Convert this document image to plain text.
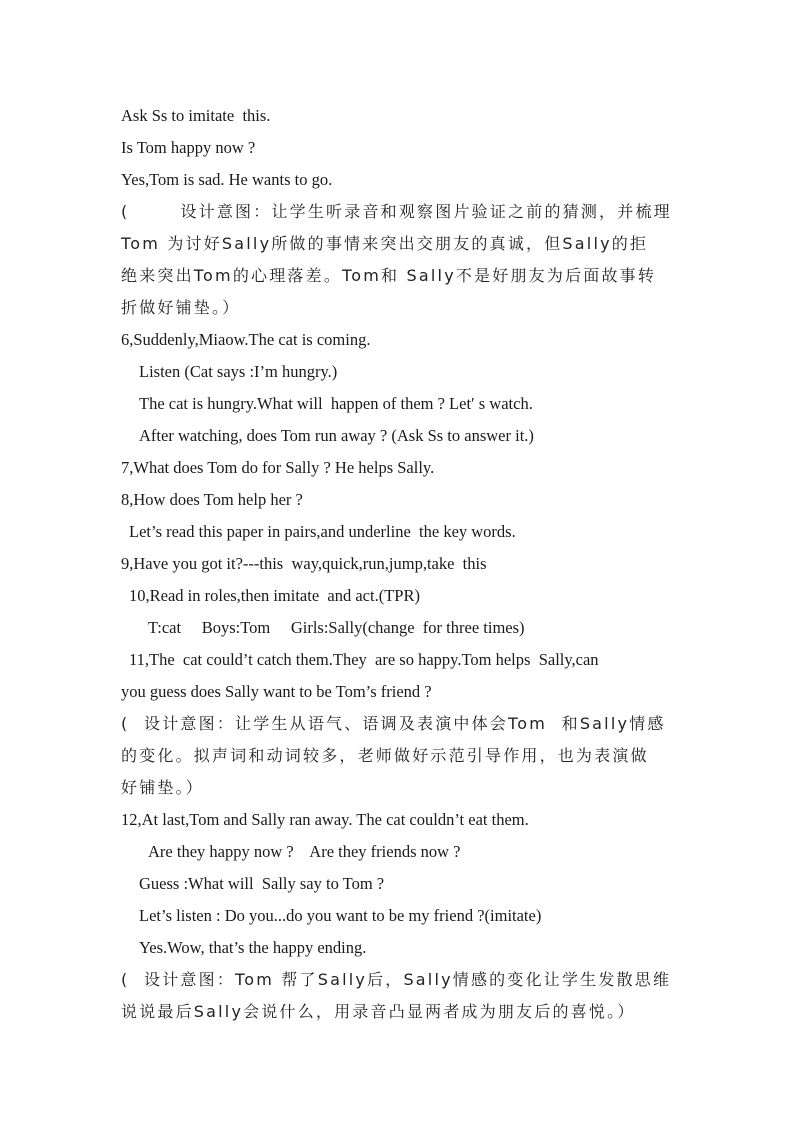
Ask Ss to imitate  this.
Is Tom happy now ?
Yes,Tom is sad. He wants to go.
(       设计意图：让学生听录音和观察图片验证之前的猜测，并梳理
Tom 为讨好Sally所做的事情来突出交朋友的真诚，但Sally的拒
绝来突出Tom的心理落差。Tom和 Sally不是好朋友为后面故事转
折做好铺垫。）
6,Suddenly,Miaow.The cat is coming.
Listen (Cat says :I’m hungry.)
The cat is hungry.What will  happen of them ? Let′ s watch.
After watching, does Tom run away ? (Ask Ss to answer it.)
7,What does Tom do for Sally ? He helps Sally.
8,How does Tom help her ?
Let’s read this paper in pairs,and underline  the key words.
9,Have you got it?---this  way,quick,run,jump,take  this
10,Read in roles,then imitate  and act.(TPR)
T:cat     Boys:Tom     Girls:Sally(change  for three times)
11,The  cat could’t catch them.They  are so happy.Tom helps  Sally,can
you guess does Sally want to be Tom’s friend ?
(  设计意图：让学生从语气、语调及表演中体会Tom  和Sally情感
的变化。拟声词和动词较多，老师做好示范引导作用，也为表演做
好铺垫。）
12,At last,Tom and Sally ran away. The cat couldn’t eat them.
Are they happy now ?    Are they friends now ?
Guess :What will  Sally say to Tom ?
Let’s listen : Do you...do you want to be my friend ?(imitate)
Yes.Wow, that’s the happy ending.
(  设计意图：Tom 帮了Sally后，Sally情感的变化让学生发散思维
说说最后Sally会说什么，用录音凸显两者成为朋友后的喜悦。）
